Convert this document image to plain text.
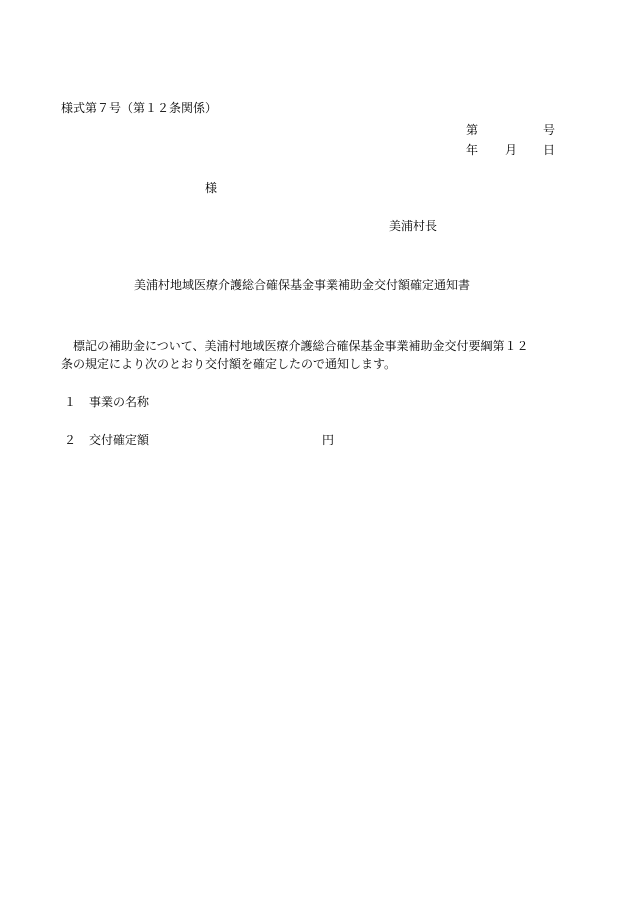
様式第７号（第１２条関係）
第	号
年 月 日
様
美浦村長
美浦村地域医療介護総合確保基金事業補助金交付額確定通知書
　標記の補助金について、美浦村地域医療介護総合確保基金事業補助金交付要綱第１２
条の規定により次のとおり交付額を確定したので通知します。
１ 事業の名称
２ 交付確定額	円
